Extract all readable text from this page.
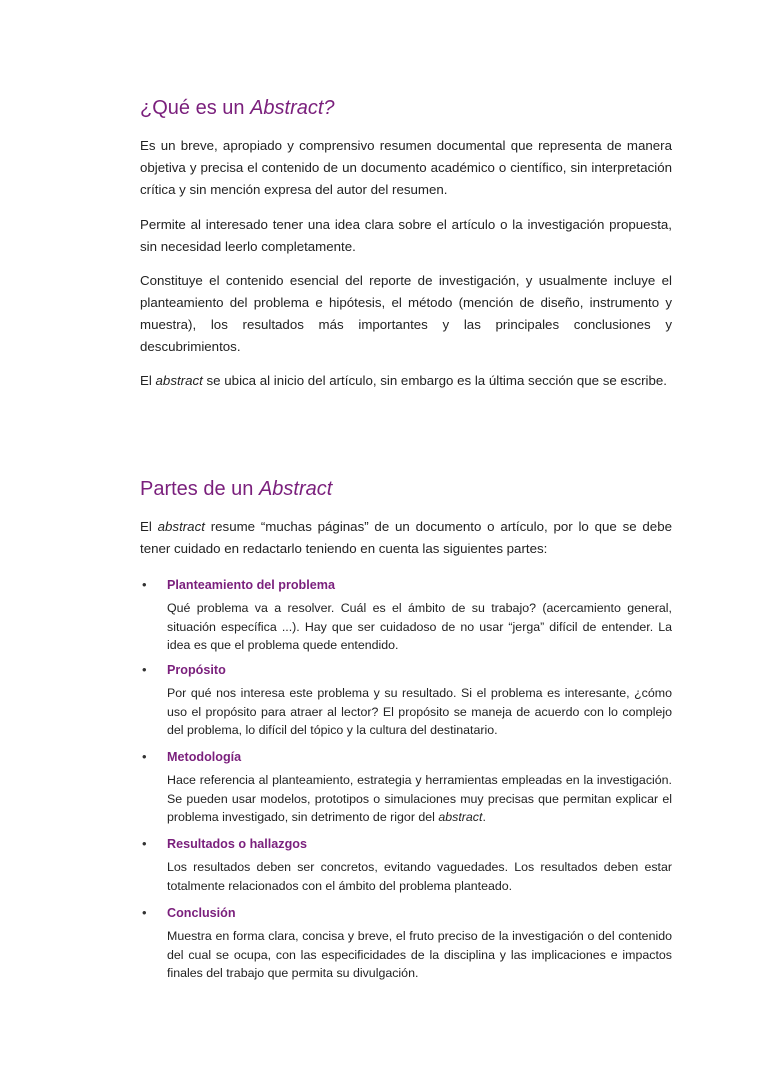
¿Qué es un Abstract?

Es un breve, apropiado y comprensivo resumen documental que representa de manera objetiva y precisa el contenido de un documento académico o científico, sin interpretación crítica y sin mención expresa del autor del resumen.

Permite al interesado tener una idea clara sobre el artículo o la investigación propuesta, sin necesidad leerlo completamente.

Constituye el contenido esencial del reporte de investigación, y usualmente incluye el planteamiento del problema e hipótesis, el método (mención de diseño, instrumento y muestra), los resultados más importantes y las principales conclusiones y descubrimientos.

El abstract se ubica al inicio del artículo, sin embargo es la última sección que se escribe.

Partes de un Abstract

El abstract resume “muchas páginas” de un documento o artículo, por lo que se debe tener cuidado en redactarlo teniendo en cuenta las siguientes partes:

• Planteamiento del problema
Qué problema va a resolver. Cuál es el ámbito de su trabajo? (acercamiento general, situación específica ...). Hay que ser cuidadoso de no usar “jerga” difícil de entender. La idea es que el problema quede entendido.
• Propósito
Por qué nos interesa este problema y su resultado. Si el problema es interesante, ¿cómo uso el propósito para atraer al lector? El propósito se maneja de acuerdo con lo complejo del problema, lo difícil del tópico y la cultura del destinatario.
• Metodología
Hace referencia al planteamiento, estrategia y herramientas empleadas en la investigación. Se pueden usar modelos, prototipos o simulaciones muy precisas que permitan explicar el problema investigado, sin detrimento de rigor del abstract.
• Resultados o hallazgos
Los resultados deben ser concretos, evitando vaguedades. Los resultados deben estar totalmente relacionados con el ámbito del problema planteado.
• Conclusión
Muestra en forma clara, concisa y breve, el fruto preciso de la investigación o del contenido del cual se ocupa, con las especificidades de la disciplina y las implicaciones e impactos finales del trabajo que permita su divulgación.
